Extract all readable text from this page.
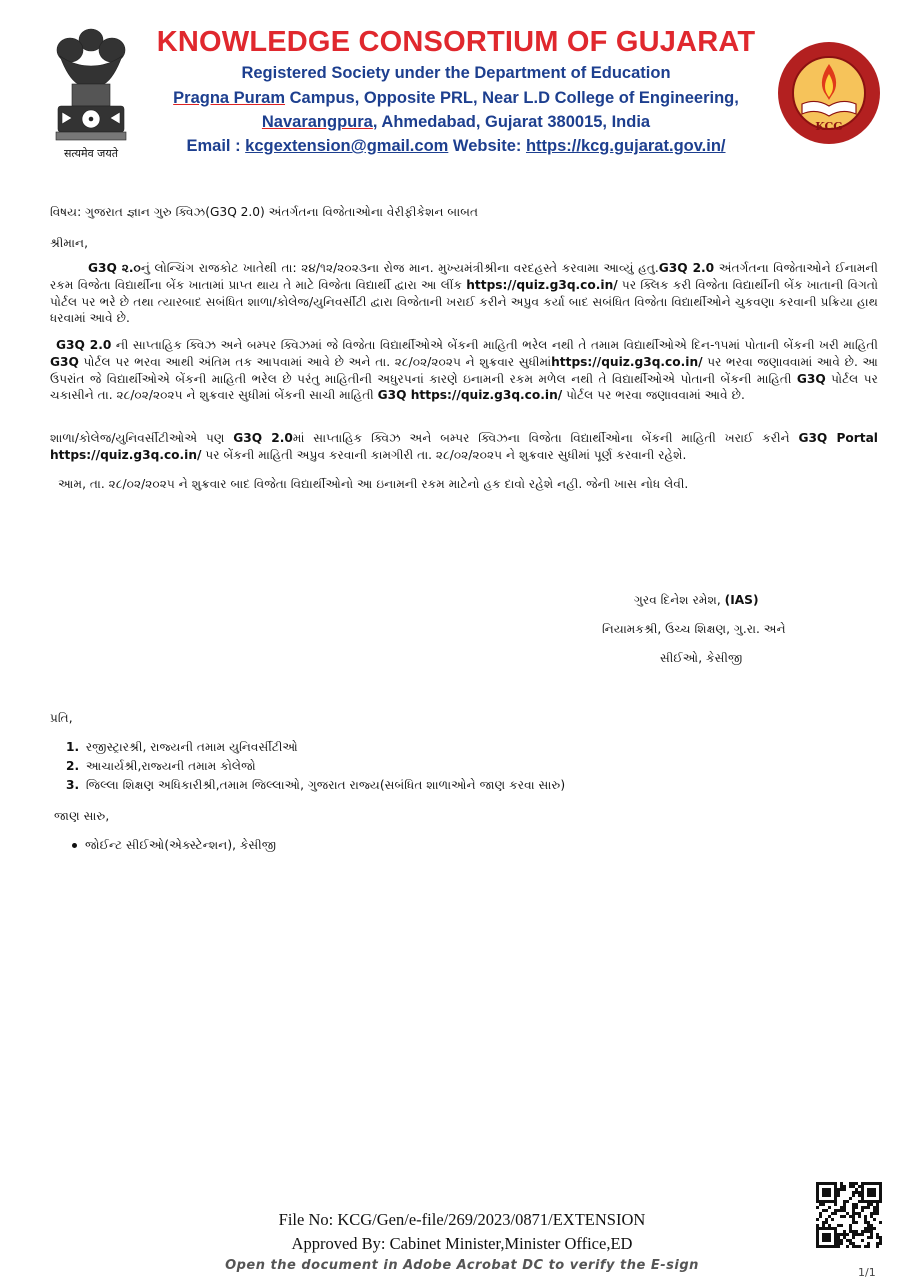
सत्यमेव जयते
KCG
KNOWLEDGE CONSORTIUM OF GUJARAT
Registered Society under the Department of Education
Pragna Puram Campus, Opposite PRL, Near L.D College of Engineering,
Navarangpura, Ahmedabad, Gujarat 380015, India
Email : kcgextension@gmail.com Website: https://kcg.gujarat.gov.in/
વિષય: ગુજરાત જ્ઞાન ગુરુ ક્વિઝ(G3Q 2.0) અંતર્ગતના વિજેતાઓના વેરીફીકેશન બાબત
શ્રીમાન,
G3Q ૨.૦નું લોન્ચિંગ રાજકોટ ખાતેથી તા: ૨૪/૧૨/૨૦૨૩ના રોજ માન. મુખ્યમંત્રીશ્રીના વરદહસ્તે કરવામા આવ્યું હતુ.G3Q 2.0 અંતર્ગતના વિજેતાઓને ઈનામની રકમ વિજેતા વિદ્યાર્થીના બેંક ખાતામાં પ્રાપ્ત થાય તે માટે વિજેતા વિદ્યાર્થી દ્વારા આ લીંક https://quiz.g3q.co.in/ પર ક્લિક કરી વિજેતા વિદ્યાર્થીની બેંક ખાતાની વિગતો પોર્ટલ પર ભરે છે તથા ત્યારબાદ સબંધિત શાળા/કોલેજ/યુનિવર્સીટી દ્વારા વિજેતાની ખરાઈ કરીને અપ્રુવ કર્યા બાદ સબંધિત વિજેતા વિદ્યાર્થીઓને ચુકવણા કરવાની પ્રક્રિયા હાથ ધરવામાં આવે છે.
G3Q 2.0 ની સાપ્તાહિક ક્વિઝ અને બમ્પર ક્વિઝમાં જે વિજેતા વિદ્યાર્થીઓએ બેંકની માહિતી ભરેલ નથી તે તમામ વિદ્યાર્થીઓએ દિન-૧૫માં પોતાની બેંકની ખરી માહિતી G3Q પોર્ટલ પર ભરવા આથી અંતિમ તક આપવામાં આવે છે અને તા. ૨૮/૦૨/૨૦૨૫ ને શુક્રવાર સુધીમાંhttps://quiz.g3q.co.in/ પર ભરવા જણાવવામાં આવે છે. આ ઉપરાંત જે વિદ્યાર્થીઓએ બેંકની માહિતી ભરેલ છે પરંતુ માહિતીની અધુરપનાં કારણે ઇનામની રકમ મળેલ નથી તે વિદ્યાર્થીઓએ પોતાની બેંકની માહિતી G3Q પોર્ટલ પર ચકાસીને તા. ૨૮/૦૨/૨૦૨૫ ને શુક્રવાર સુધીમાં બેંકની સાચી માહિતી G3Q https://quiz.g3q.co.in/ પોર્ટલ પર ભરવા જણાવવામાં આવે છે.
શાળા/કોલેજ/યુનિવર્સીટીઓએ પણ G3Q 2.0માં સાપ્તાહિક ક્વિઝ અને બમ્પર ક્વિઝના વિજેતા વિદ્યાર્થીઓના બેંકની માહિતી ખરાઈ કરીને G3Q Portal https://quiz.g3q.co.in/ પર બેંકની માહિતી અપ્રુવ કરવાની કામગીરી તા. ૨૮/૦૨/૨૦૨૫ ને શુક્રવાર સુધીમાં પૂર્ણ કરવાની રહેશે.
આમ, તા. ૨૮/૦૨/૨૦૨૫ ને શુક્રવાર બાદ વિજેતા વિદ્યાર્થીઓનો આ ઇનામની રકમ માટેનો હક દાવો રહેશે નહી. જેની ખાસ નોધ લેવી.
ગુરવ દિનેશ રમેશ, (IAS)
નિયામકશ્રી, ઉચ્ચ શિક્ષણ, ગુ.રા. અને
સીઈઓ, કેસીજી
પ્રતિ,
1. રજીસ્ટ્રારશ્રી, રાજ્યની તમામ યુનિવર્સીટીઓ
2. આચાર્યશ્રી,રાજ્યની તમામ કોલેજો
3. જિલ્લા શિક્ષણ અધિકારીશ્રી,તમામ જિલ્લાઓ, ગુજરાત રાજ્ય(સબંધિત શાળાઓને જાણ કરવા સારુ)
જાણ સારુ,
જોઈન્ટ સીઈઓ(એક્સ્ટેન્શન), કેસીજી
File No: KCG/Gen/e-file/269/2023/0871/EXTENSION
Approved By: Cabinet Minister,Minister Office,ED
Open the document in Adobe Acrobat DC to verify the E-sign	1/1
